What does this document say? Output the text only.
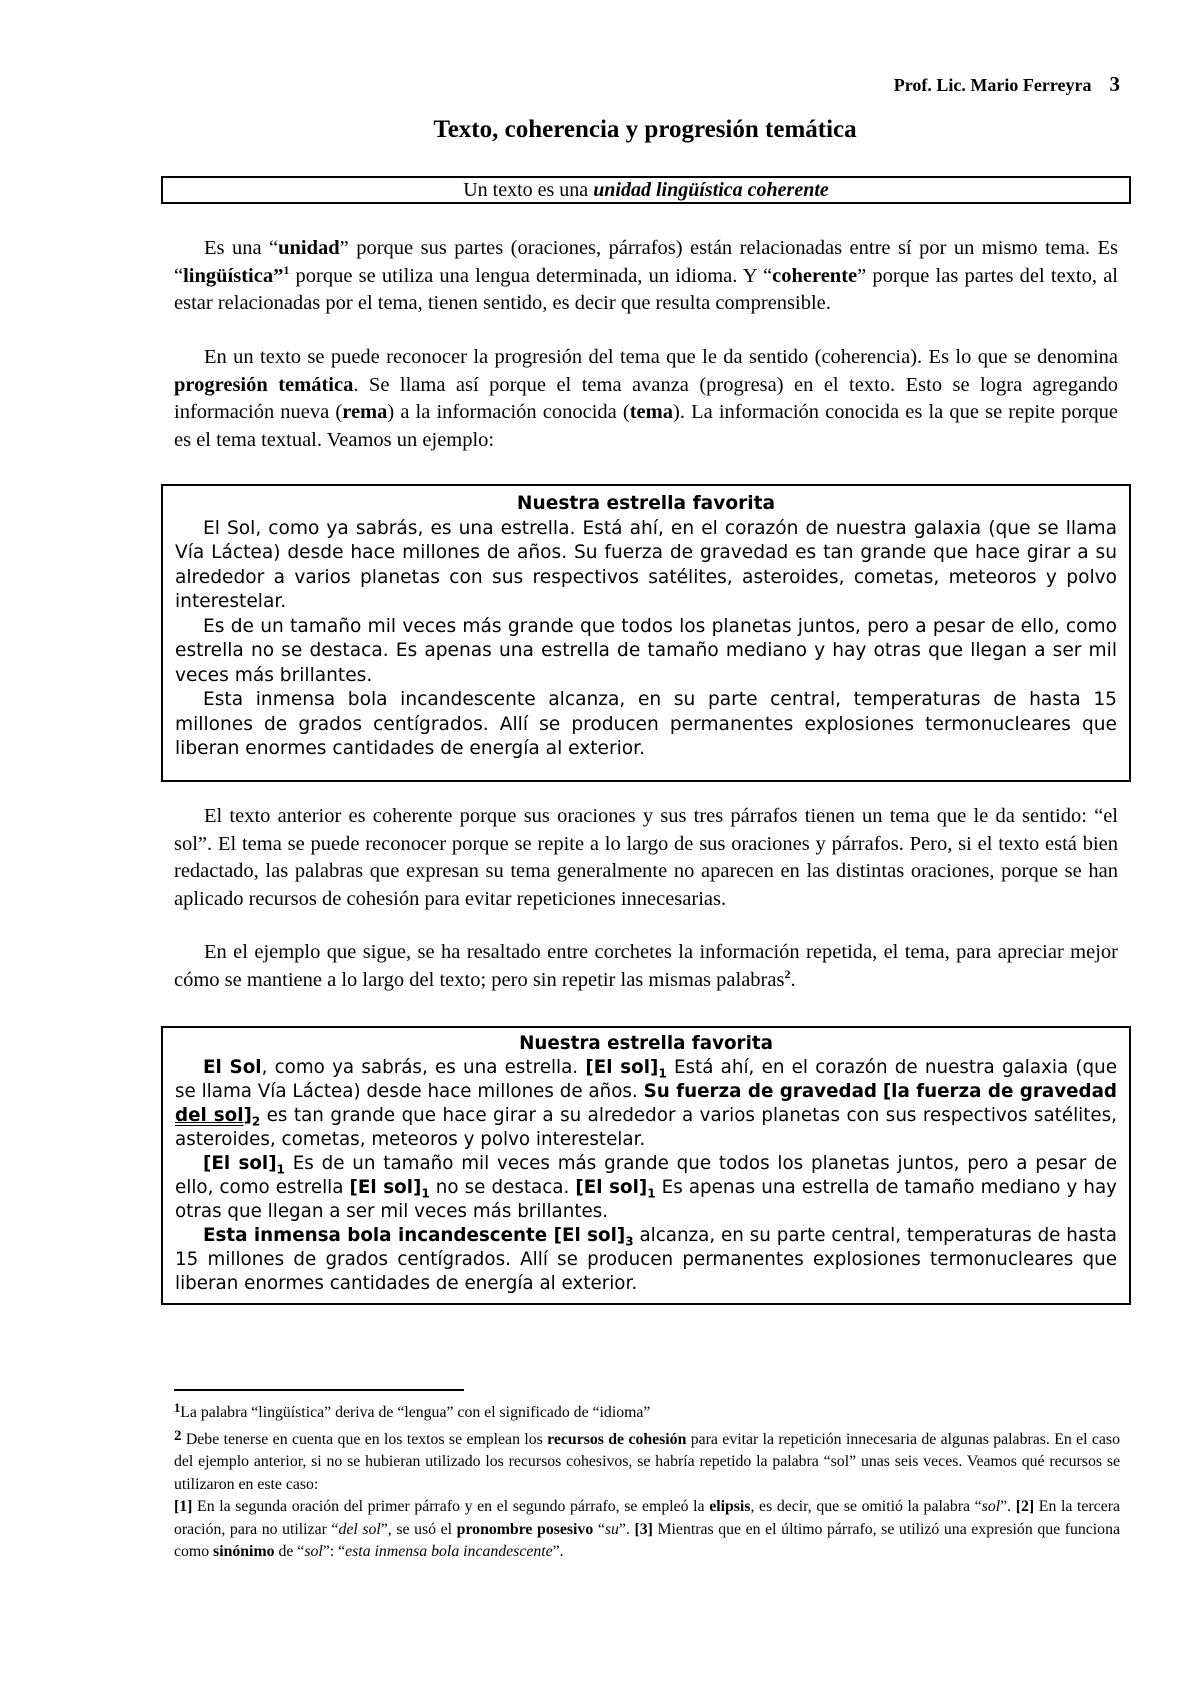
Prof. Lic. Mario Ferreyra 3
Texto, coherencia y progresión temática
Un texto es una unidad lingüística coherente
Es una “unidad” porque sus partes (oraciones, párrafos) están relacionadas entre sí por un mismo tema. Es “lingüística”$^1$ porque se utiliza una lengua determinada, un idioma. Y “coherente” porque las partes del texto, al estar relacionadas por el tema, tienen sentido, es decir que resulta comprensible.
En un texto se puede reconocer la progresión del tema que le da sentido (coherencia). Es lo que se denomina progresión temática. Se llama así porque el tema avanza (progresa) en el texto. Esto se logra agregando información nueva (rema) a la información conocida (tema). La información conocida es la que se repite porque es el tema textual. Veamos un ejemplo:
Nuestra estrella favorita
El Sol, como ya sabrás, es una estrella. Está ahí, en el corazón de nuestra galaxia (que se llama Vía Láctea) desde hace millones de años. Su fuerza de gravedad es tan grande que hace girar a su alrededor a varios planetas con sus respectivos satélites, asteroides, cometas, meteoros y polvo interestelar.
Es de un tamaño mil veces más grande que todos los planetas juntos, pero a pesar de ello, como estrella no se destaca. Es apenas una estrella de tamaño mediano y hay otras que llegan a ser mil veces más brillantes.
Esta inmensa bola incandescente alcanza, en su parte central, temperaturas de hasta 15 millones de grados centígrados. Allí se producen permanentes explosiones termonucleares que liberan enormes cantidades de energía al exterior.
El texto anterior es coherente porque sus oraciones y sus tres párrafos tienen un tema que le da sentido: “el sol”. El tema se puede reconocer porque se repite a lo largo de sus oraciones y párrafos. Pero, si el texto está bien redactado, las palabras que expresan su tema generalmente no aparecen en las distintas oraciones, porque se han aplicado recursos de cohesión para evitar repeticiones innecesarias.
En el ejemplo que sigue, se ha resaltado entre corchetes la información repetida, el tema, para apreciar mejor cómo se mantiene a lo largo del texto; pero sin repetir las mismas palabras$^2$.
Nuestra estrella favorita
El Sol, como ya sabrás, es una estrella. [El $sol]_1$ Está ahí, en el corazón de nuestra galaxia (que se llama Vía Láctea) desde hace millones de años. Su fuerza de gravedad [la fuerza de gravedad del $sol]_2$ es tan grande que hace girar a su alrededor a varios planetas con sus respectivos satélites, asteroides, cometas, meteoros y polvo interestelar.
[El $sol]_1$ Es de un tamaño mil veces más grande que todos los planetas juntos, pero a pesar de ello, como estrella [El $sol]_1$ no se destaca. [El $sol]_1$ Es apenas una estrella de tamaño mediano y hay otras que llegan a ser mil veces más brillantes.
Esta inmensa bola incandescente [El $sol]_3$ alcanza, en su parte central, temperaturas de hasta 15 millones de grados centígrados. Allí se producen permanentes explosiones termonucleares que liberan enormes cantidades de energía al exterior.

$^1$La palabra “lingüística” deriva de “lengua” con el significado de “idioma”

2 Debe tenerse en cuenta que en los textos se emplean los recursos de cohesión para evitar la repetición innecesaria de algunas palabras. En el caso del ejemplo anterior, si no se hubieran utilizado los recursos cohesivos, se habría repetido la palabra “sol” unas seis veces. Veamos qué recursos se utilizaron en este caso:

[1] En la segunda oración del primer párrafo y en el segundo párrafo, se empleó la elipsis, es decir, que se omitió la palabra “sol”. [2] En la tercera oración, para no utilizar “del sol”, se usó el pronombre posesivo “su”. [3] Mientras que en el último párrafo, se utilizó una expresión que funciona como sinónimo de “sol”: “esta inmensa bola incandescente”.
